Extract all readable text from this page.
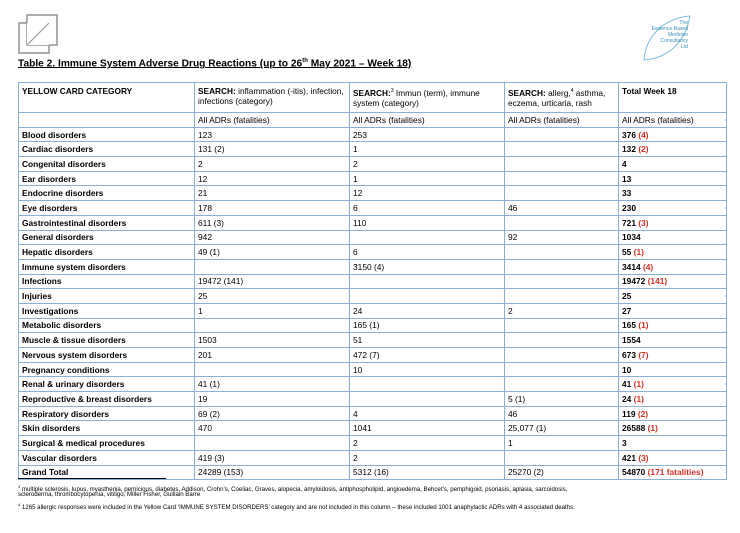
The
Evidence-Based
Medicine
Consultancy
Ltd
Table 2. Immune System Adverse Drug Reactions (up to 26th May 2021 – Week 18)
YELLOW CARD CATEGORY	SEARCH: inflammation (-itis), infection, infections (category)	SEARCH:$^3$ Immun (term), immune system (category)	SEARCH: allerg,$^4$ asthma, eczema, urticaria, rash	Total Week 18
	All ADRs (fatalities)	All ADRs (fatalities)	All ADRs (fatalities)	All ADRs (fatalities)
Blood disorders	123	253		376 (4)
Cardiac disorders	131 (2)	1		132 (2)
Congenital disorders	2	2		4
Ear disorders	12	1		13
Endocrine disorders	21	12		33
Eye disorders	178	6	46	230
Gastrointestinal disorders	611 (3)	110		721 (3)
General disorders	942		92	1034
Hepatic disorders	49 (1)	6		55 (1)
Immune system disorders		3150 (4)		3414 (4)
Infections	19472 (141)			19472 (141)
Injuries	25			25
Investigations	1	24	2	27
Metabolic disorders		165 (1)		165 (1)
Muscle & tissue disorders	1503	51		1554
Nervous system disorders	201	472 (7)		673 (7)
Pregnancy conditions		10		10
Renal & urinary disorders	41 (1)			41 (1)
Reproductive & breast disorders	19		5 (1)	24 (1)
Respiratory disorders	69 (2)	4	46	119 (2)
Skin disorders	470	1041	25,077 (1)	26588 (1)
Surgical & medical procedures		2	1	3
Vascular disorders	419 (3)	2		421 (3)
Grand Total	24289 (153)	5312 (16)	25270 (2)	54870 (171 fatalities)
$^3$ multiple sclerosis, lupus, myasthenia, pernicious, diabetes, Addison, Crohn’s, Coeliac, Graves, alopecia, amyloidosis, antiphospholipid, angioedema, Behcet’s, pemphigoid, psoriasis, aplasia, sarcoidosis,
scleroderma, thrombocytopenia, vitiligo, Miller Fisher, Guillain Barre
$^4$ 1265 allergic responses were included in the Yellow Card ‘IMMUNE SYSTEM DISORDERS’ category and are not included in this column – these included 1001 anaphylactic ADRs with 4 associated deaths.
